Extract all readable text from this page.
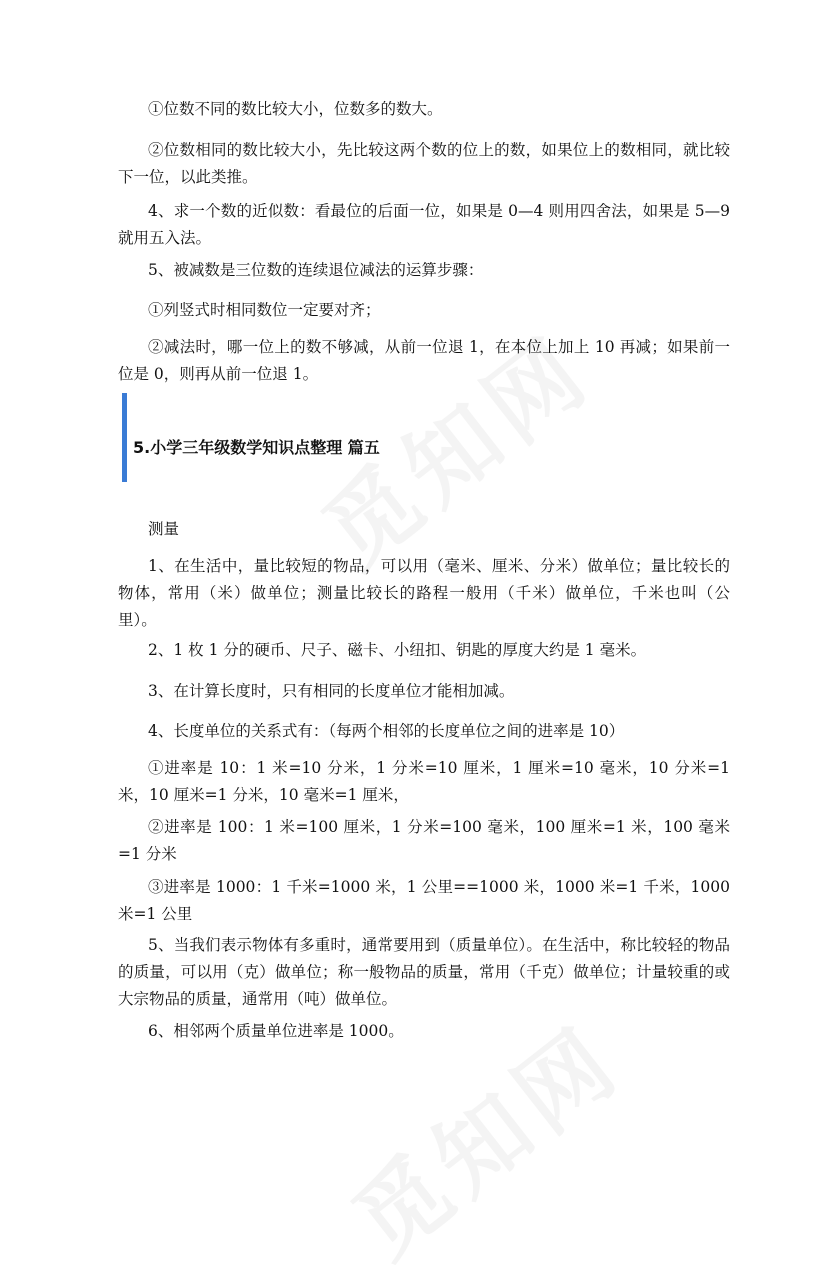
①位数不同的数比较大小，位数多的数大。

②位数相同的数比较大小，先比较这两个数的位上的数，如果位上的数相同，就比较下一位，以此类推。

4、求一个数的近似数：看最位的后面一位，如果是 0—4 则用四舍法，如果是 5—9 就用五入法。

5、被减数是三位数的连续退位减法的运算步骤：

①列竖式时相同数位一定要对齐；

②减法时，哪一位上的数不够减，从前一位退 1，在本位上加上 10 再减；如果前一位是 0，则再从前一位退 1。

5.小学三年级数学知识点整理 篇五

测量

1、在生活中，量比较短的物品，可以用（毫米、厘米、分米）做单位；量比较长的物体，常用（米）做单位；测量比较长的路程一般用（千米）做单位，千米也叫（公里）。

2、1 枚 1 分的硬币、尺子、磁卡、小纽扣、钥匙的厚度大约是 1 毫米。

3、在计算长度时，只有相同的长度单位才能相加减。

4、长度单位的关系式有：（每两个相邻的长度单位之间的进率是 10）

①进率是 10：1 米=10 分米，1 分米=10 厘米，1 厘米=10 毫米，10 分米=1 米，10 厘米=1 分米，10 毫米=1 厘米，

②进率是 100：1 米=100 厘米，1 分米=100 毫米，100 厘米=1 米，100 毫米=1 分米

③进率是 1000：1 千米=1000 米，1 公里==1000 米，1000 米=1 千米，1000 米=1 公里

5、当我们表示物体有多重时，通常要用到（质量单位）。在生活中，称比较轻的物品的质量，可以用（克）做单位；称一般物品的质量，常用（千克）做单位；计量较重的或大宗物品的质量，通常用（吨）做单位。

6、相邻两个质量单位进率是 1000。
